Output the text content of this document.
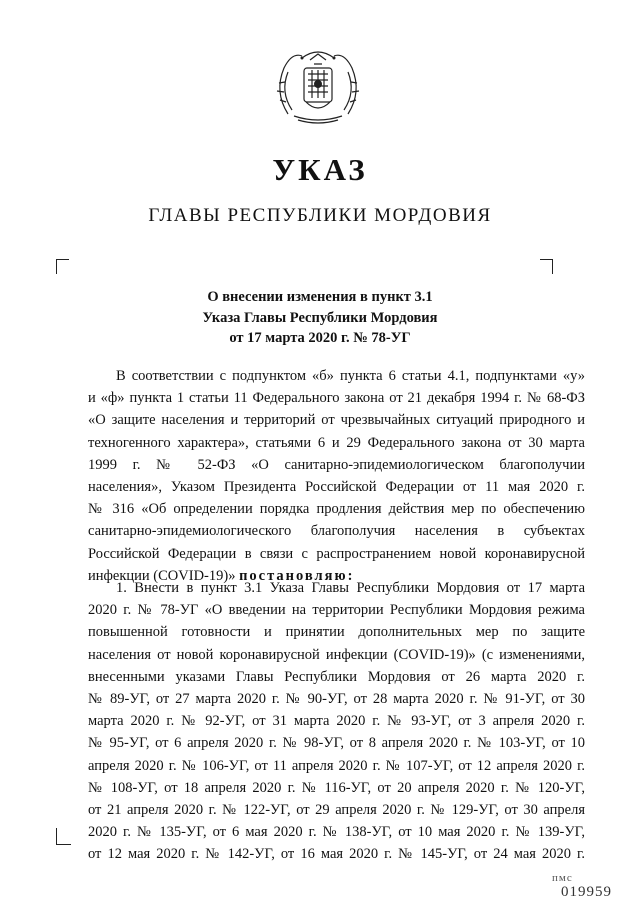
УКАЗ
ГЛАВЫ РЕСПУБЛИКИ МОРДОВИЯ
О внесении изменения в пункт 3.1
Указа Главы Республики Мордовия
от 17 марта 2020 г. № 78-УГ
В соответствии с подпунктом «б» пункта 6 статьи 4.1, подпунктами «у»
и «ф» пункта 1 статьи 11 Федерального закона от 21 декабря 1994 г. № 68-ФЗ
«О защите населения и территорий от чрезвычайных ситуаций природного и
техногенного характера», статьями 6 и 29 Федерального закона от 30 марта
1999 г. № 52-ФЗ «О санитарно-эпидемиологическом благополучии
населения», Указом Президента Российской Федерации от 11 мая 2020 г.
№ 316 «Об определении порядка продления действия мер по обеспечению
санитарно-эпидемиологического благополучия населения в субъектах
Российской Федерации в связи с распространением новой коронавирусной
инфекции (COVID-19)» постановляю:
1. Внести в пункт 3.1 Указа Главы Республики Мордовия от 17 марта
2020 г. № 78-УГ «О введении на территории Республики Мордовия режима
повышенной готовности и принятии дополнительных мер по защите
населения от новой коронавирусной инфекции (COVID-19)» (с изменениями,
внесенными указами Главы Республики Мордовия от 26 марта 2020 г.
№ 89-УГ, от 27 марта 2020 г. № 90-УГ, от 28 марта 2020 г. № 91-УГ, от 30
марта 2020 г. № 92-УГ, от 31 марта 2020 г. № 93-УГ, от 3 апреля 2020 г.
№ 95-УГ, от 6 апреля 2020 г. № 98-УГ, от 8 апреля 2020 г. № 103-УГ, от 10
апреля 2020 г. № 106-УГ, от 11 апреля 2020 г. № 107-УГ, от 12 апреля 2020 г.
№ 108-УГ, от 18 апреля 2020 г. № 116-УГ, от 20 апреля 2020 г. № 120-УГ,
от 21 апреля 2020 г. № 122-УГ, от 29 апреля 2020 г. № 129-УГ, от 30 апреля
2020 г. № 135-УГ, от 6 мая 2020 г. № 138-УГ, от 10 мая 2020 г. № 139-УГ,
от 12 мая 2020 г. № 142-УГ, от 16 мая 2020 г. № 145-УГ, от 24 мая 2020 г.
пмс
019959
